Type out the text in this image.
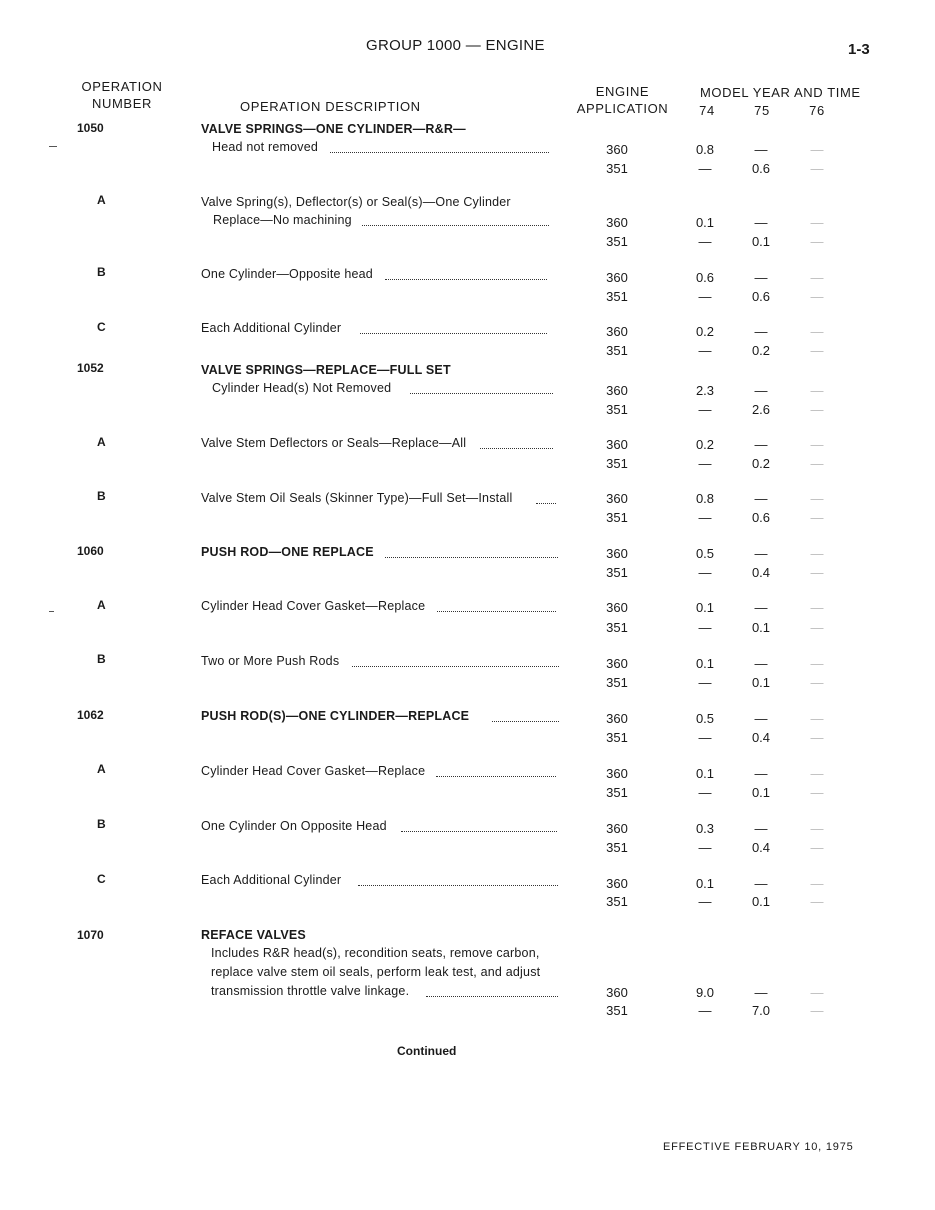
GROUP 1000 — ENGINE	1-3
OPERATION
NUMBER	OPERATION DESCRIPTION
ENGINE
APPLICATION
MODEL YEAR AND TIME
74	75	76
1050	VALVE SPRINGS—ONE CYLINDER—R&R—
Head not removed	360	0.8	—	—
351	—	0.6	—
A	Valve Spring(s), Deflector(s) or Seal(s)—One Cylinder
Replace—No machining	360	0.1	—	—
351	—	0.1	—
B	One Cylinder—Opposite head	360	0.6	—	—
351	—	0.6	—
C	Each Additional Cylinder	360	0.2	—	—
351	—	0.2	—
1052	VALVE SPRINGS—REPLACE—FULL SET
Cylinder Head(s) Not Removed	360	2.3	—	—
351	—	2.6	—
A	Valve Stem Deflectors or Seals—Replace—All	360	0.2	—	—
351	—	0.2	—
B	Valve Stem Oil Seals (Skinner Type)—Full Set—Install	360	0.8	—	—
351	—	0.6	—
1060	PUSH ROD—ONE REPLACE	360	0.5	—	—
351	—	0.4	—
A	Cylinder Head Cover Gasket—Replace	360	0.1	—	—
351	—	0.1	—
B	Two or More Push Rods	360	0.1	—	—
351	—	0.1	—
1062	PUSH ROD(S)—ONE CYLINDER—REPLACE	360	0.5	—	—
351	—	0.4	—
A	Cylinder Head Cover Gasket—Replace	360	0.1	—	—
351	—	0.1	—
B	One Cylinder On Opposite Head	360	0.3	—	—
351	—	0.4	—
C	Each Additional Cylinder	360	0.1	—	—
351	—	0.1	—
1070	REFACE VALVES
Includes R&R head(s), recondition seats, remove carbon,
replace valve stem oil seals, perform leak test, and adjust
transmission throttle valve linkage.	360	9.0	—	—
351	—	7.0	—
Continued
EFFECTIVE FEBRUARY 10, 1975
